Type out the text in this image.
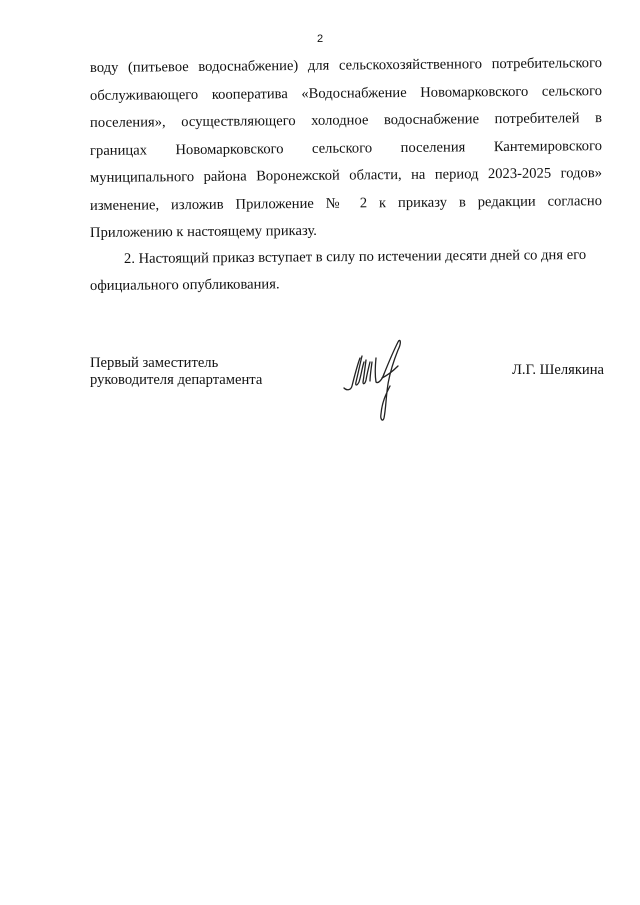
2
воду (питьевое водоснабжение) для сельскохозяйственного потребительского
обслуживающего кооператива «Водоснабжение Новомарковского сельского
поселения», осуществляющего холодное водоснабжение потребителей в
границах Новомарковского сельского поселения Кантемировского
муниципального района Воронежской области, на период 2023-2025 годов»
изменение, изложив Приложение № 2 к приказу в редакции согласно
Приложению к настоящему приказу.
2. Настоящий приказ вступает в силу по истечении десяти дней со дня его
официального опубликования.
Первый заместитель
руководителя департамента
Л.Г. Шелякина
